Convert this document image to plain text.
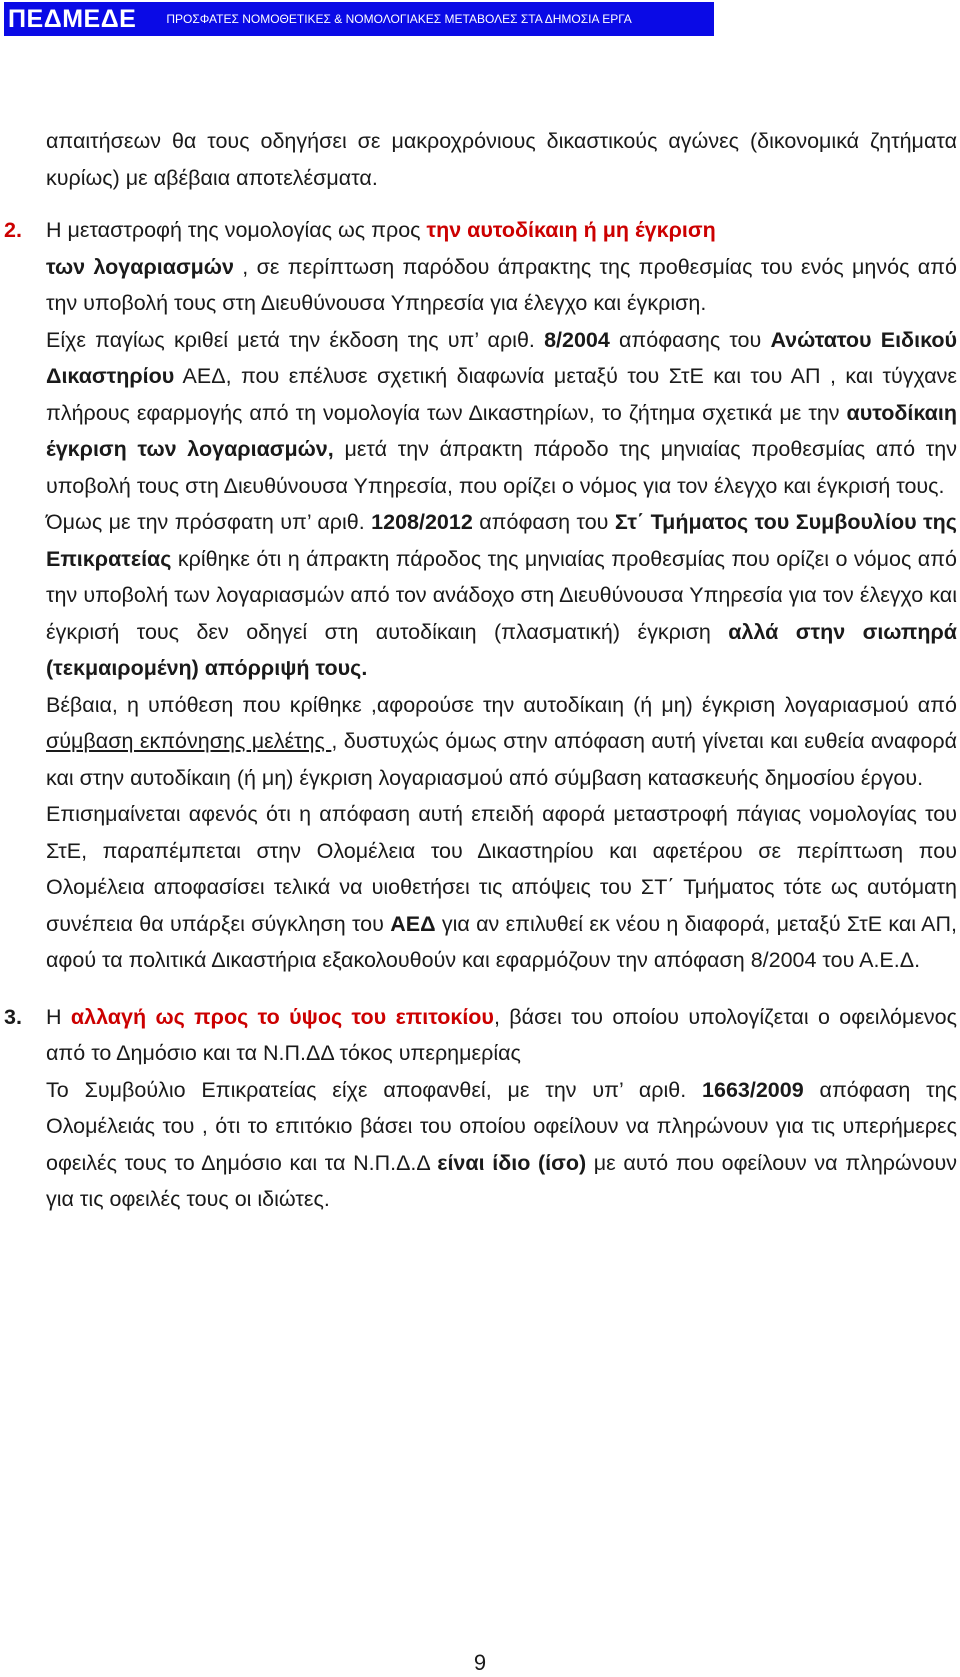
ΠΕΔΜΕΔΕ	ΠΡΟΣΦΑΤΕΣ ΝΟΜΟΘΕΤΙΚΕΣ & ΝΟΜΟΛΟΓΙΑΚΕΣ ΜΕΤΑΒΟΛΕΣ ΣΤΑ ΔΗΜΟΣΙΑ ΕΡΓΑ

απαιτήσεων θα τους οδηγήσει σε μακροχρόνιους δικαστικούς αγώνες (δικονομικά ζητήματα κυρίως) με αβέβαια αποτελέσματα.

2. Η μεταστροφή της νομολογίας ως προς την αυτοδίκαιη ή μη έγκριση
των λογαριασμών , σε περίπτωση παρόδου άπρακτης της προθεσμίας του ενός μηνός από την υποβολή τους στη Διευθύνουσα Υπηρεσία για έλεγχο και έγκριση.

Είχε παγίως κριθεί μετά την έκδοση της υπ’ αριθ. 8/2004 απόφασης του Ανώτατου Ειδικού Δικαστηρίου ΑΕΔ, που επέλυσε σχετική διαφωνία μεταξύ του ΣτΕ και του ΑΠ , και τύγχανε πλήρους εφαρμογής από τη νομολογία των Δικαστηρίων, το ζήτημα σχετικά με την αυτοδίκαιη έγκριση των λογαριασμών, μετά την άπρακτη πάροδο της μηνιαίας προθεσμίας από την υποβολή τους στη Διευθύνουσα Υπηρεσία, που ορίζει ο νόμος για τον έλεγχο και έγκρισή τους.

Όμως με την πρόσφατη υπ’ αριθ. 1208/2012 απόφαση του Στ΄ Τμήματος του Συμβουλίου της Επικρατείας κρίθηκε ότι η άπρακτη πάροδος της μηνιαίας προθεσμίας που ορίζει ο νόμος από την υποβολή των λογαριασμών από τον ανάδοχο στη Διευθύνουσα Υπηρεσία για τον έλεγχο και έγκρισή τους δεν οδηγεί στη αυτοδίκαιη (πλασματική) έγκριση αλλά στην σιωπηρά (τεκμαιρομένη) απόρριψή τους.

Βέβαια, η υπόθεση που κρίθηκε ,αφορούσε την αυτοδίκαιη (ή μη) έγκριση λογαριασμού από σύμβαση εκπόνησης μελέτης , δυστυχώς όμως στην απόφαση αυτή γίνεται και ευθεία αναφορά και στην αυτοδίκαιη (ή μη) έγκριση λογαριασμού από σύμβαση κατασκευής δημοσίου έργου.

Επισημαίνεται αφενός ότι η απόφαση αυτή επειδή αφορά μεταστροφή πάγιας νομολογίας του ΣτΕ, παραπέμπεται στην Ολομέλεια του Δικαστηρίου και αφετέρου σε περίπτωση που Ολομέλεια αποφασίσει τελικά να υιοθετήσει τις απόψεις του ΣΤ΄ Τμήματος τότε ως αυτόματη συνέπεια θα υπάρξει σύγκληση του ΑΕΔ για αν επιλυθεί εκ νέου η διαφορά, μεταξύ ΣτΕ και ΑΠ, αφού τα πολιτικά Δικαστήρια εξακολουθούν και εφαρμόζουν την απόφαση 8/2004 του Α.Ε.Δ.

3. Η αλλαγή ως προς το ύψος του επιτοκίου, βάσει του οποίου υπολογίζεται ο οφειλόμενος από το Δημόσιο και τα Ν.Π.ΔΔ τόκος υπερημερίας

Το Συμβούλιο Επικρατείας είχε αποφανθεί, με την υπ’ αριθ. 1663/2009 απόφαση της Ολομέλειάς του , ότι το επιτόκιο βάσει του οποίου οφείλουν να πληρώνουν για τις υπερήμερες οφειλές τους το Δημόσιο και τα Ν.Π.Δ.Δ είναι ίδιο (ίσο) με αυτό που οφείλουν να πληρώνουν για τις οφειλές τους οι ιδιώτες.

9
